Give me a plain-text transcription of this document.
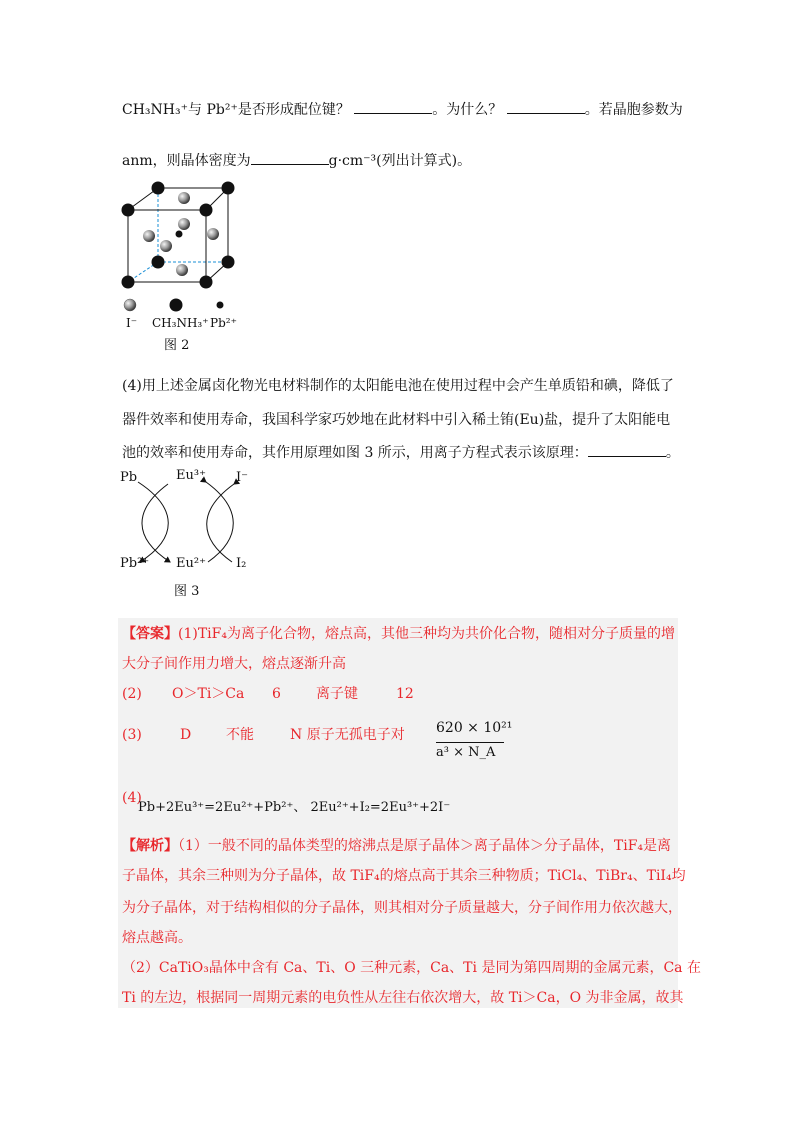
CH₃NH₃⁺与 Pb²⁺是否形成配位键？	。为什么？	。若晶胞参数为
anm，则晶体密度为	g·cm⁻³(列出计算式)。
I⁻ CH₃NH₃⁺ Pb²⁺
图 2
(4)用上述金属卤化物光电材料制作的太阳能电池在使用过程中会产生单质铅和碘，降低了
器件效率和使用寿命，我国科学家巧妙地在此材料中引入稀土铕(Eu)盐，提升了太阳能电
池的效率和使用寿命，其作用原理如图 3 所示，用离子方程式表示该原理：	。
Pb	Eu³⁺ I⁻
Pb²⁺ Eu²⁺ I₂
图 3
【答案】(1)TiF₄为离子化合物，熔点高，其他三种均为共价化合物，随相对分子质量的增
大分子间作用力增大，熔点逐渐升高
(2) O＞Ti＞Ca 6	离子键	12
(3)	D 不能	N 原子无孤电子对 620 × 10²¹
a³ × N_A
(4)
Pb+2Eu³⁺=2Eu²⁺+Pb²⁺、 2Eu²⁺+I₂=2Eu³⁺+2I⁻
【解析】（1）一般不同的晶体类型的熔沸点是原子晶体＞离子晶体＞分子晶体，TiF₄是离
子晶体，其余三种则为分子晶体，故 TiF₄的熔点高于其余三种物质；TiCl₄、TiBr₄、TiI₄均
为分子晶体，对于结构相似的分子晶体，则其相对分子质量越大，分子间作用力依次越大，
熔点越高。
（2）CaTiO₃晶体中含有 Ca、Ti、O 三种元素，Ca、Ti 是同为第四周期的金属元素，Ca 在
Ti 的左边，根据同一周期元素的电负性从左往右依次增大，故 Ti＞Ca，O 为非金属，故其
